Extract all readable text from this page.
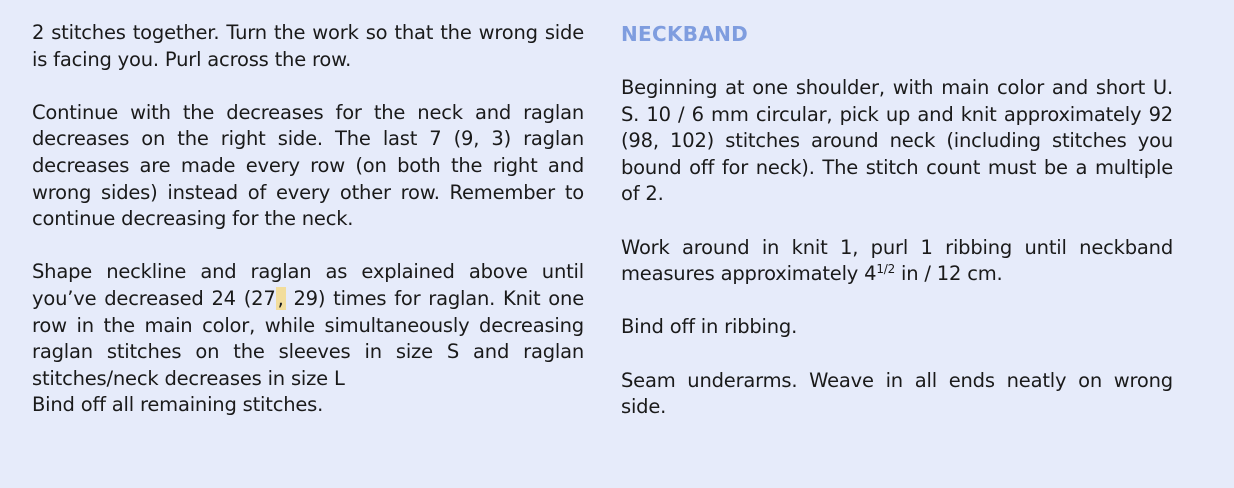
2 stitches together. Turn the work so that the wrong side is facing you. Purl across the row.

Continue with the decreases for the neck and raglan decreases on the right side. The last 7 (9, 3) raglan decreases are made every row (on both the right and wrong sides) instead of every other row. Remember to continue decreasing for the neck.

Shape neckline and raglan as explained above until you’ve decreased 24 (27 , 29) times for raglan. Knit one row in the main color, while simultaneously decreasing raglan stitches on the sleeves in size S and raglan stitches/neck decreases in size L

Bind off all remaining stitches.

NECKBAND

Beginning at one shoulder, with main color and short U. S. 10 / 6 mm circular, pick up and knit approximately 92 (98, 102) stitches around neck (including stitches you bound off for neck). The stitch count must be a multiple of 2.

Work around in knit 1, purl 1 ribbing until neckband measures approximately $4^{1/2}$ in / 12 cm.

Bind off in ribbing.

Seam underarms. Weave in all ends neatly on wrong side.
